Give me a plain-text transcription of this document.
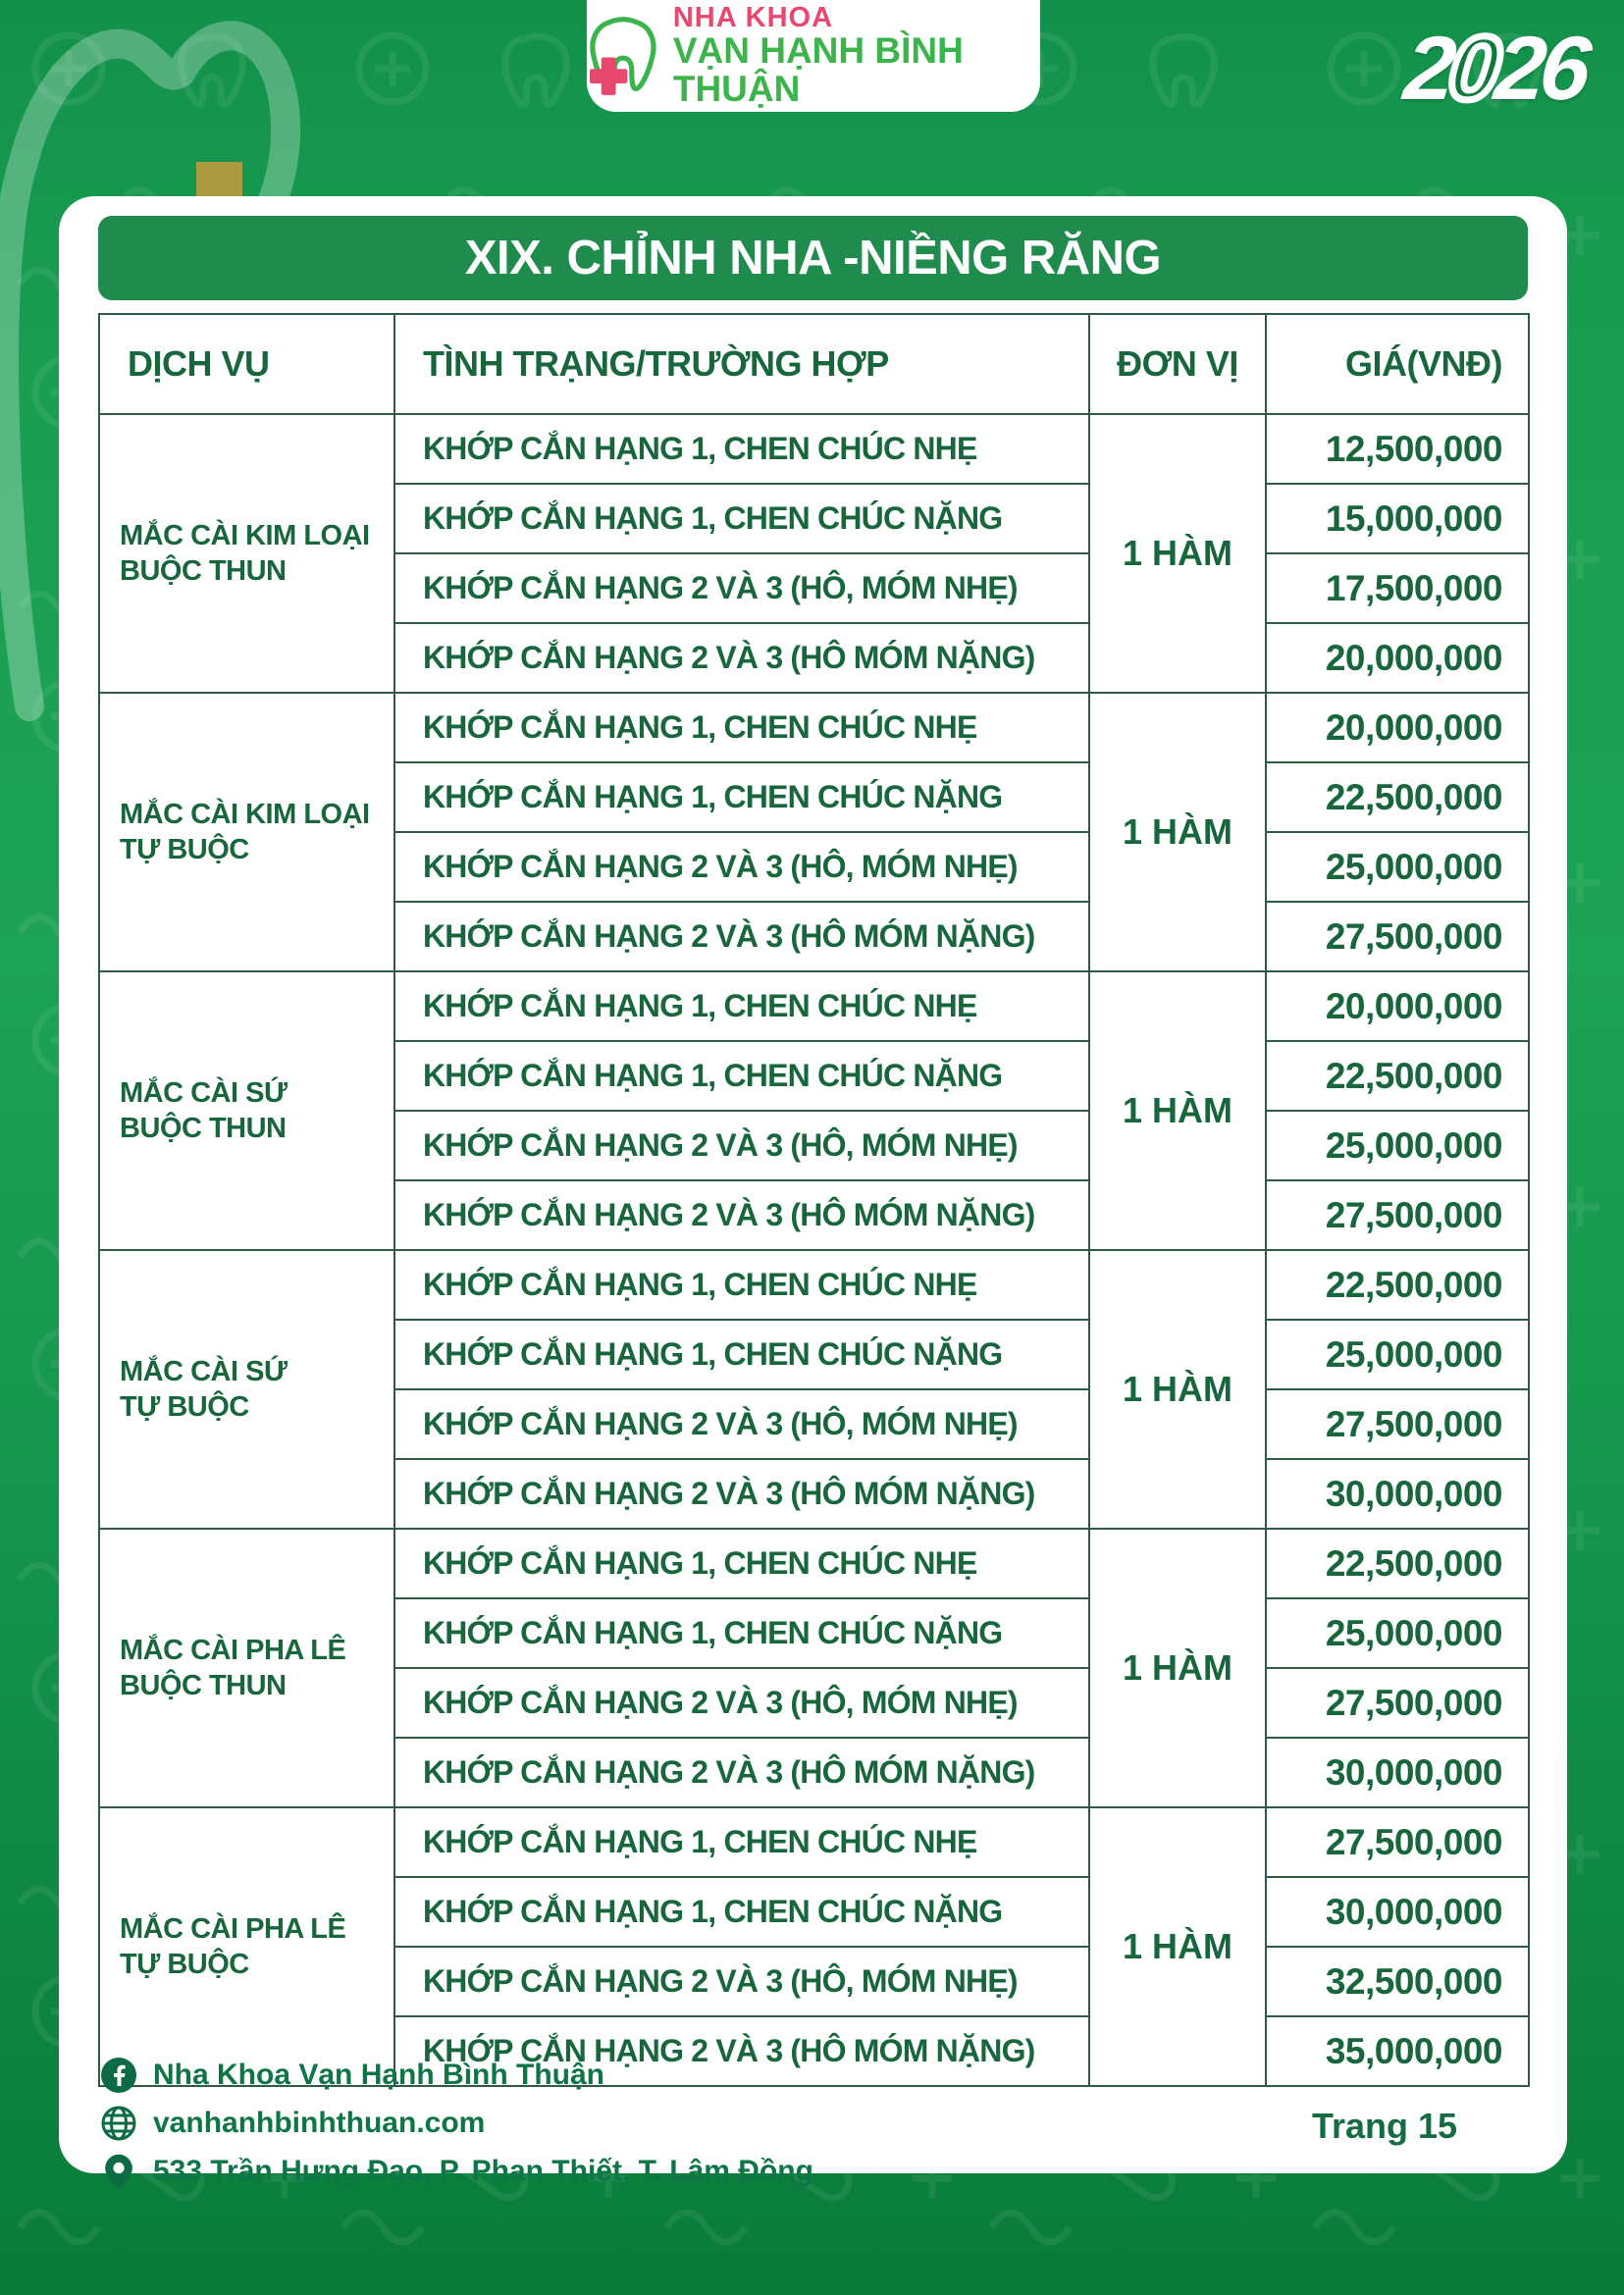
NHA KHOA
VẠN HẠNH BÌNH THUẬN	2026
XIX. CHỈNH NHA -NIỀNG RĂNG
DỊCH VỤ	TÌNH TRẠNG/TRƯỜNG HỢP	ĐƠN VỊ	GIÁ(VNĐ)

MẮC CÀI KIM LOẠI
BUỘC THUN	KHỚP CẮN HẠNG 1, CHEN CHÚC NHẸ	1 HÀM	12,500,000
	KHỚP CẮN HẠNG 1, CHEN CHÚC NẶNG		15,000,000
	KHỚP CẮN HẠNG 2 VÀ 3 (HÔ, MÓM NHẸ)		17,500,000
	KHỚP CẮN HẠNG 2 VÀ 3 (HÔ MÓM NẶNG)		20,000,000

MẮC CÀI KIM LOẠI
TỰ BUỘC	KHỚP CẮN HẠNG 1, CHEN CHÚC NHẸ	1 HÀM	20,000,000
	KHỚP CẮN HẠNG 1, CHEN CHÚC NẶNG		22,500,000
	KHỚP CẮN HẠNG 2 VÀ 3 (HÔ, MÓM NHẸ)		25,000,000
	KHỚP CẮN HẠNG 2 VÀ 3 (HÔ MÓM NẶNG)		27,500,000

MẮC CÀI SỨ
BUỘC THUN	KHỚP CẮN HẠNG 1, CHEN CHÚC NHẸ	1 HÀM	20,000,000
	KHỚP CẮN HẠNG 1, CHEN CHÚC NẶNG		22,500,000
	KHỚP CẮN HẠNG 2 VÀ 3 (HÔ, MÓM NHẸ)		25,000,000
	KHỚP CẮN HẠNG 2 VÀ 3 (HÔ MÓM NẶNG)		27,500,000

MẮC CÀI SỨ
TỰ BUỘC	KHỚP CẮN HẠNG 1, CHEN CHÚC NHẸ	1 HÀM	22,500,000
	KHỚP CẮN HẠNG 1, CHEN CHÚC NẶNG		25,000,000
	KHỚP CẮN HẠNG 2 VÀ 3 (HÔ, MÓM NHẸ)		27,500,000
	KHỚP CẮN HẠNG 2 VÀ 3 (HÔ MÓM NẶNG)		30,000,000

MẮC CÀI PHA LÊ
BUỘC THUN	KHỚP CẮN HẠNG 1, CHEN CHÚC NHẸ	1 HÀM	22,500,000
	KHỚP CẮN HẠNG 1, CHEN CHÚC NẶNG		25,000,000
	KHỚP CẮN HẠNG 2 VÀ 3 (HÔ, MÓM NHẸ)		27,500,000
	KHỚP CẮN HẠNG 2 VÀ 3 (HÔ MÓM NẶNG)		30,000,000

MẮC CÀI PHA LÊ
TỰ BUỘC	KHỚP CẮN HẠNG 1, CHEN CHÚC NHẸ	1 HÀM	27,500,000
	KHỚP CẮN HẠNG 1, CHEN CHÚC NẶNG		30,000,000
	KHỚP CẮN HẠNG 2 VÀ 3 (HÔ, MÓM NHẸ)		32,500,000
	KHỚP CẮN HẠNG 2 VÀ 3 (HÔ MÓM NẶNG)		35,000,000
Nha Khoa Vạn Hạnh Bình Thuận
vanhanhbinhthuan.com
533 Trần Hưng Đạo, P. Phan Thiết, T. Lâm Đồng
Trang 15
